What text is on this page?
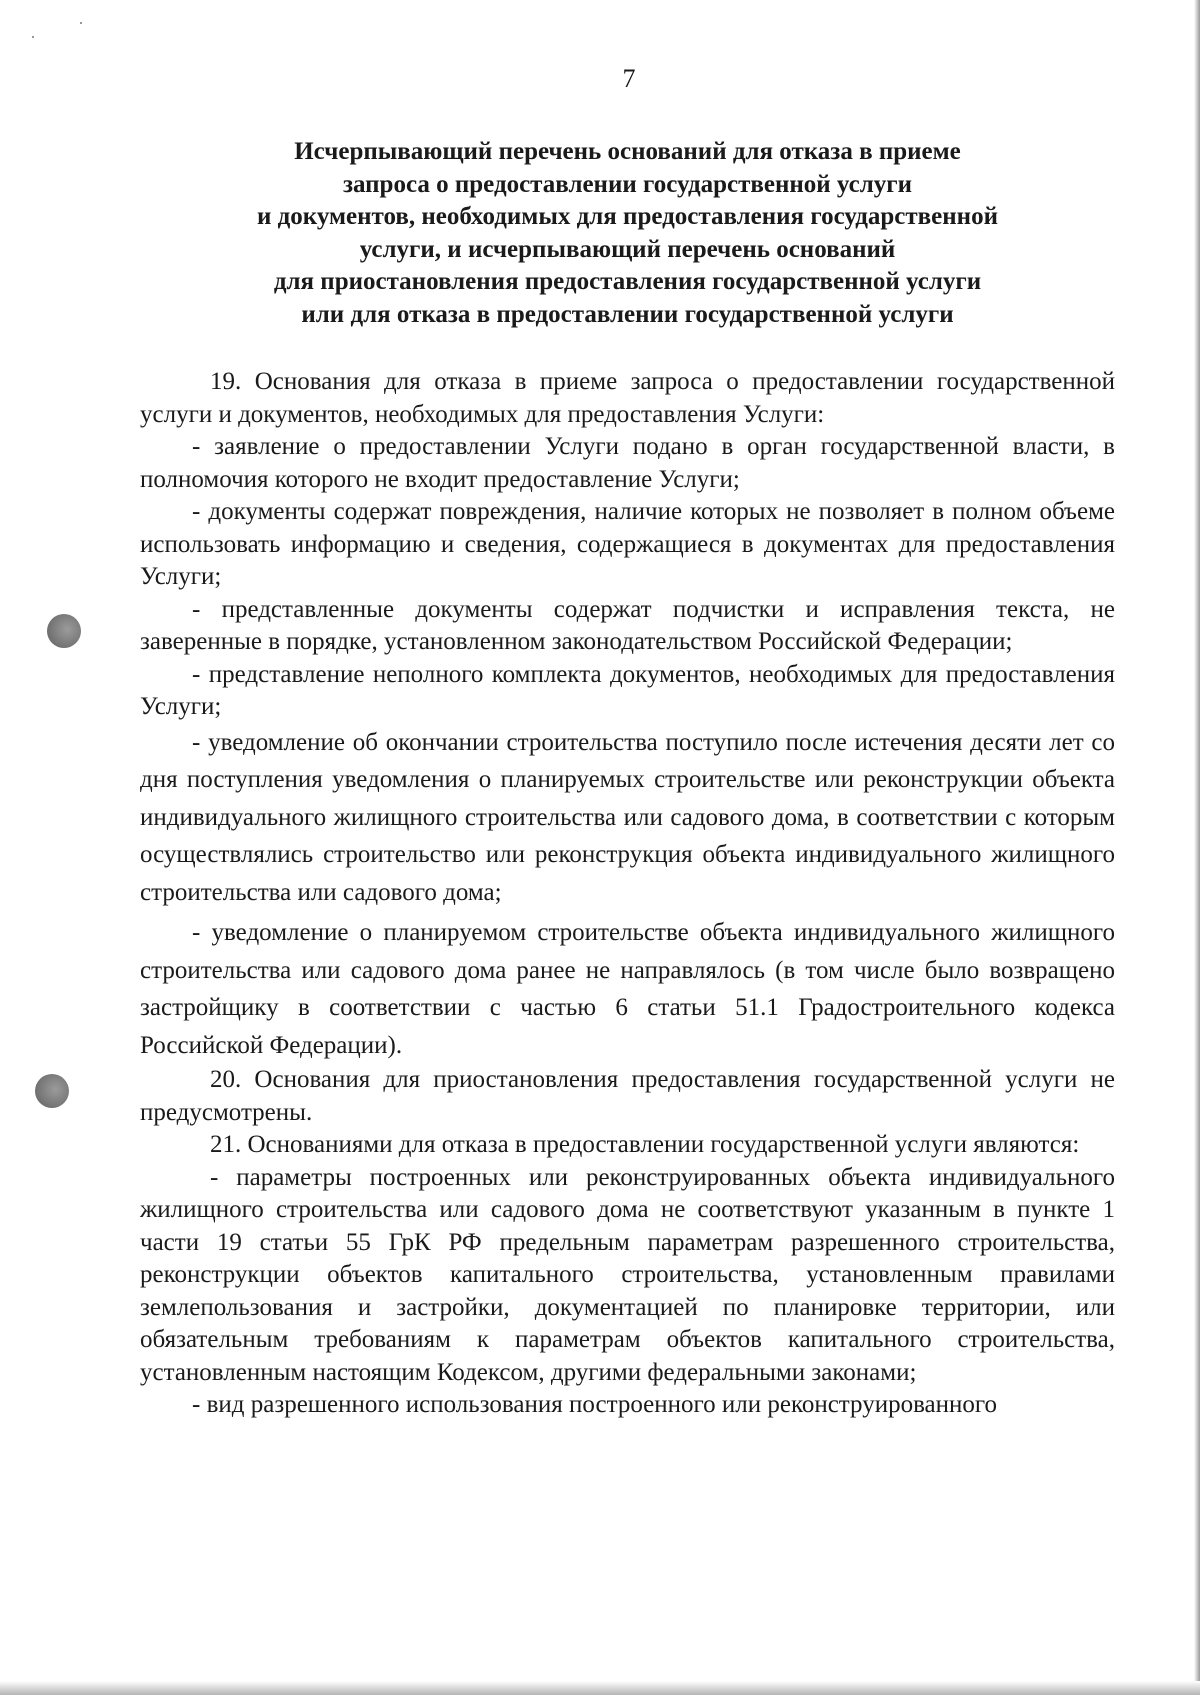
7
Исчерпывающий перечень оснований для отказа в приеме
запроса о предоставлении государственной услуги
и документов, необходимых для предоставления государственной
услуги, и исчерпывающий перечень оснований
для приостановления предоставления государственной услуги
или для отказа в предоставлении государственной услуги

19. Основания для отказа в приеме запроса о предоставлении государственной услуги и документов, необходимых для предоставления Услуги:

- заявление о предоставлении Услуги подано в орган государственной власти, в полномочия которого не входит предоставление Услуги;

- документы содержат повреждения, наличие которых не позволяет в полном объеме использовать информацию и сведения, содержащиеся в документах для предоставления Услуги;

- представленные документы содержат подчистки и исправления текста, не заверенные в порядке, установленном законодательством Российской Федерации;

- представление неполного комплекта документов, необходимых для предоставления Услуги;

- уведомление об окончании строительства поступило после истечения десяти лет со дня поступления уведомления о планируемых строительстве или реконструкции объекта индивидуального жилищного строительства или садового дома, в соответствии с которым осуществлялись строительство или реконструкция объекта индивидуального жилищного строительства или садового дома;

- уведомление о планируемом строительстве объекта индивидуального жилищного строительства или садового дома ранее не направлялось (в том числе было возвращено застройщику в соответствии с частью 6 статьи 51.1 Градостроительного кодекса Российской Федерации).

20. Основания для приостановления предоставления государственной услуги не предусмотрены.

21. Основаниями для отказа в предоставлении государственной услуги являются:

- параметры построенных или реконструированных объекта индивидуального жилищного строительства или садового дома не соответствуют указанным в пункте 1 части 19 статьи 55 ГрК РФ предельным параметрам разрешенного строительства, реконструкции объектов капитального строительства, установленным правилами землепользования и застройки, документацией по планировке территории, или обязательным требованиям к параметрам объектов капитального строительства, установленным настоящим Кодексом, другими федеральными законами;

- вид разрешенного использования построенного или реконструированного
